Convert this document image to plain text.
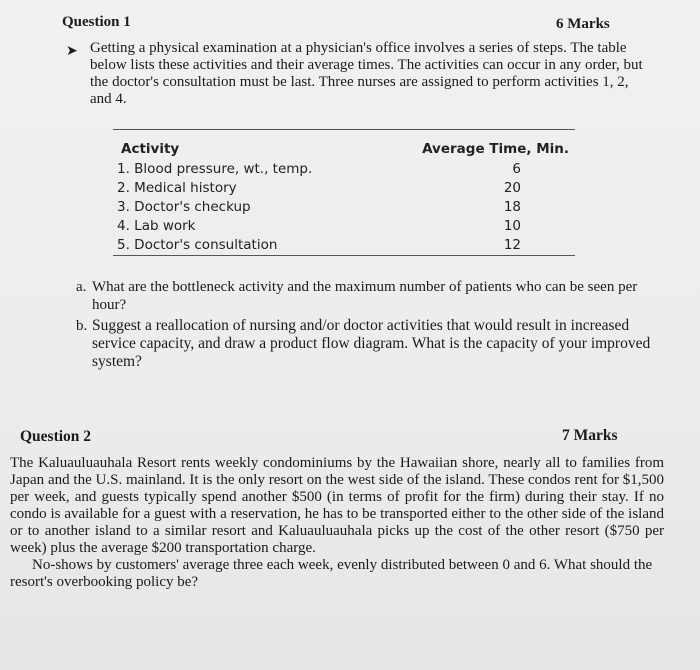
Question 1	6 Marks
➤ Getting a physical examination at a physician's office involves a series of steps. The table below lists these activities and their average times. The activities can occur in any order, but the doctor's consultation must be last. Three nurses are assigned to perform activities 1, 2, and 4.
Activity	Average Time, Min.
1. Blood pressure, wt., temp.	6
2. Medical history	20
3. Doctor's checkup	18
4. Lab work	10
5. Doctor's consultation	12
a. What are the bottleneck activity and the maximum number of patients who can be seen per hour?
b. Suggest a reallocation of nursing and/or doctor activities that would result in increased service capacity, and draw a product flow diagram. What is the capacity of your improved system?
Question 2	7 Marks

The Kaluauluauhala Resort rents weekly condominiums by the Hawaiian shore, nearly all to families from Japan and the U.S. mainland. It is the only resort on the west side of the island. These condos rent for $1,500 per week, and guests typically spend another $500 (in terms of profit for the firm) during their stay. If no condo is available for a guest with a reservation, he has to be transported either to the other side of the island or to another island to a similar resort and Kaluauluauhala picks up the cost of the other resort ($750 per week) plus the average $200 transportation charge.

No-shows by customers' average three each week, evenly distributed between 0 and 6. What should the resort's overbooking policy be?
